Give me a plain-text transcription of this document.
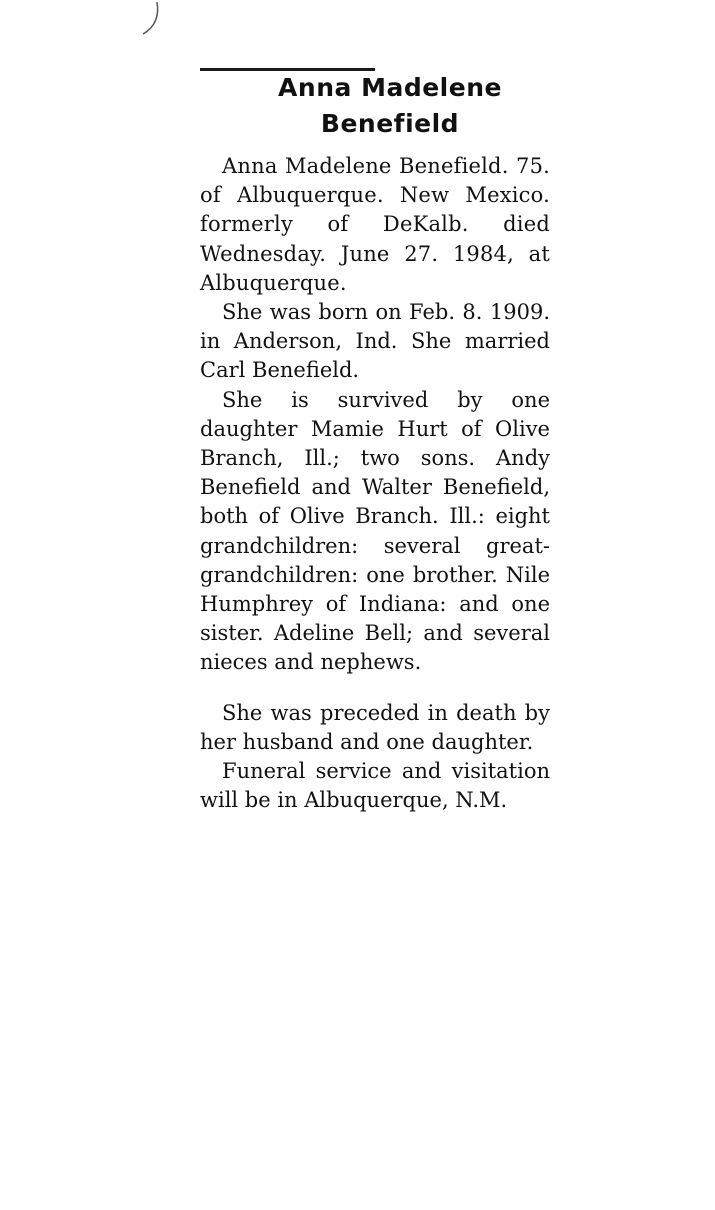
Anna Madelene
Benefield

Anna Madelene Benefield. 75. of Albuquerque. New Mexico. formerly of DeKalb. died Wednesday. June 27. 1984, at Albuquerque.

She was born on Feb. 8. 1909. in Anderson, Ind. She married Carl Benefield.

She is survived by one daughter Mamie Hurt of Olive Branch, Ill.; two sons. Andy Benefield and Walter Benefield, both of Olive Branch. Ill.: eight grandchildren: several great-grandchildren: one brother. Nile Humphrey of Indiana: and one sister. Adeline Bell; and several nieces and nephews.

She was preceded in death by her husband and one daughter.

Funeral service and visitation will be in Albuquerque, N.M.
